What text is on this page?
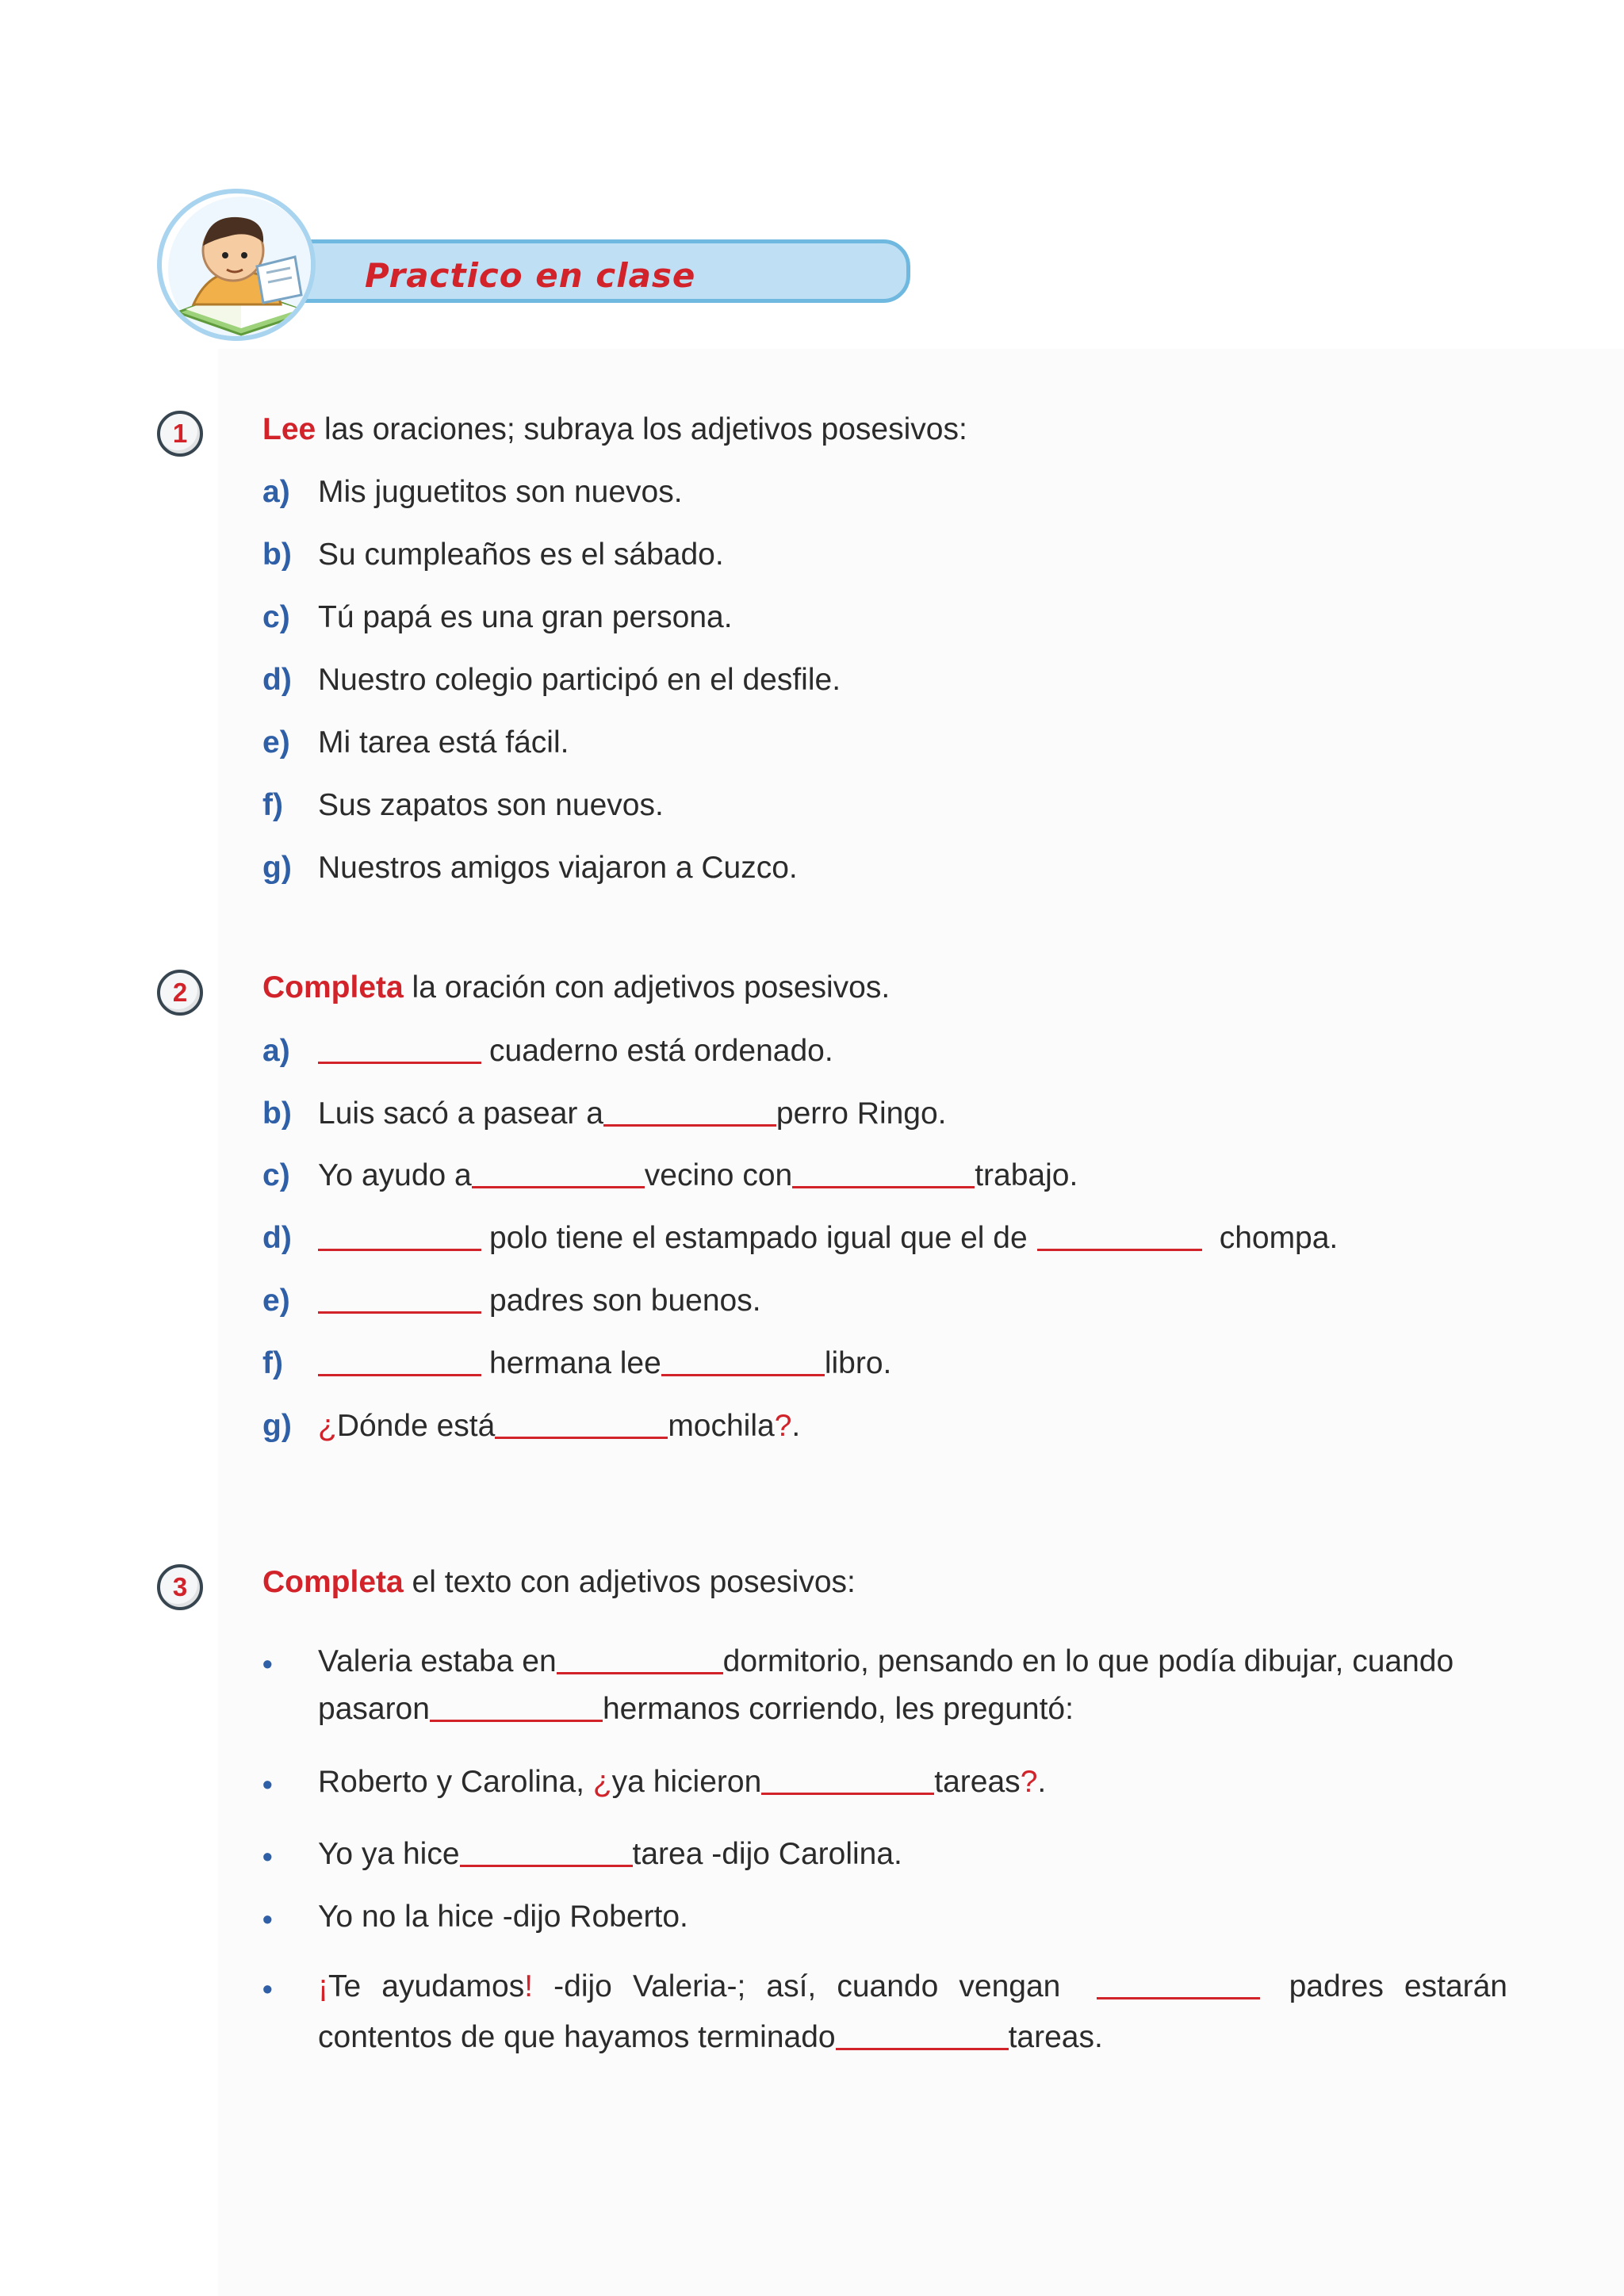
Practico en clase
1	Lee las oraciones; subraya los adjetivos posesivos:
a) Mis juguetitos son nuevos.
b) Su cumpleaños es el sábado.
c) Tú papá es una gran persona.
d) Nuestro colegio participó en el desfile.
e) Mi tarea está fácil.
f) Sus zapatos son nuevos.
g) Nuestros amigos viajaron a Cuzco.
2	Completa la oración con adjetivos posesivos.
a)	cuaderno está ordenado.
b) Luis sacó a pasear a	perro Ringo.
c) Yo ayudo a	vecino con	trabajo.
d)	polo tiene el estampado igual que el de	chompa.
e)	padres son buenos.
f)	hermana lee	libro.
g) ¿Dónde está	mochila?.
3	Completa el texto con adjetivos posesivos:
•	Valeria estaba en	dormitorio, pensando en lo que podía dibujar, cuando
pasaron	hermanos corriendo, les preguntó:
•	Roberto y Carolina, ¿ya hicieron	tareas?.
•	Yo ya hice	tarea -dijo Carolina.
•	Yo no la hice -dijo Roberto.
•	¡Te ayudamos! -dijo Valeria-; así, cuando vengan	padres estarán
contentos de que hayamos terminado	tareas.
